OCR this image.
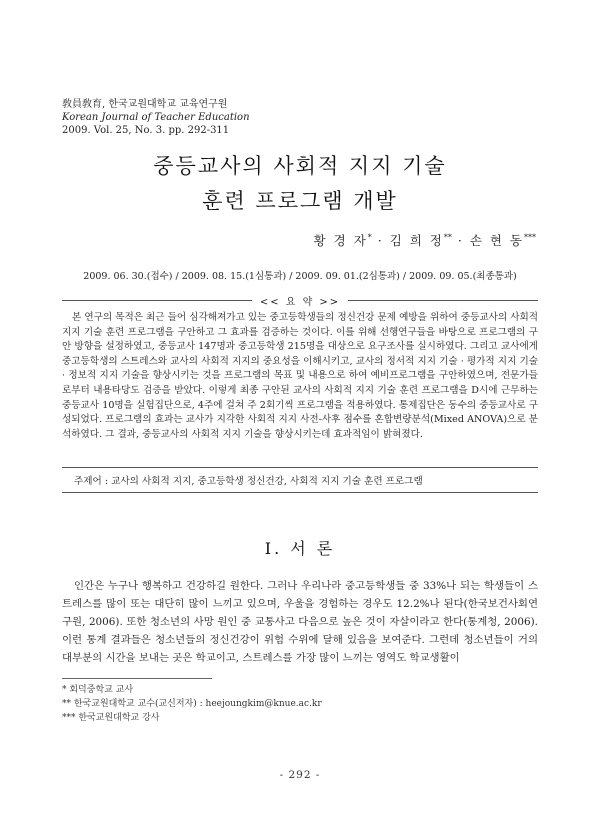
敎員敎育, 한국교원대학교 교육연구원
Korean Journal of Teacher Education
2009. Vol. 25, No. 3. pp. 292-311
중등교사의 사회적 지지 기술
훈련 프로그램 개발
황 경 자* · 김 희 정** · 손 현 동***
2009. 06. 30.(접수) / 2009. 08. 15.(1심통과) / 2009. 09. 01.(2심통과) / 2009. 09. 05.(최종통과)
<< 요 약 >>

본 연구의 목적은 최근 들어 심각해져가고 있는 중고등학생들의 정신건강 문제 예방을 위하여 중등교사의 사회적 지지 기술 훈련 프로그램을 구안하고 그 효과를 검증하는 것이다. 이를 위해 선행연구들을 바탕으로 프로그램의 구안 방향을 설정하였고, 중등교사 147명과 중고등학생 215명을 대상으로 요구조사를 실시하였다. 그리고 교사에게 중고등학생의 스트레스와 교사의 사회적 지지의 중요성을 이해시키고, 교사의 정서적 지지 기술 · 평가적 지지 기술 · 정보적 지지 기술을 향상시키는 것을 프로그램의 목표 및 내용으로 하여 예비프로그램을 구안하였으며, 전문가들로부터 내용타당도 검증을 받았다. 이렇게 최종 구안된 교사의 사회적 지지 기술 훈련 프로그램을 D시에 근무하는 중등교사 10명을 실험집단으로, 4주에 걸쳐 주 2회기씩 프로그램을 적용하였다. 통제집단은 동수의 중등교사로 구성되었다. 프로그램의 효과는 교사가 지각한 사회적 지지 사전-사후 점수를 혼합변량분석(Mixed ANOVA)으로 분석하였다. 그 결과, 중등교사의 사회적 지지 기술을 향상시키는데 효과적임이 밝혀졌다.

주제어 : 교사의 사회적 지지, 중고등학생 정신건강, 사회적 지지 기술 훈련 프로그램
Ⅰ. 서 론

인간은 누구나 행복하고 건강하길 원한다. 그러나 우리나라 중고등학생들 중 33%나 되는 학생들이 스트레스를 많이 또는 대단히 많이 느끼고 있으며, 우울을 경험하는 경우도 12.2%나 된다(한국보건사회연구원, 2006). 또한 청소년의 사망 원인 중 교통사고 다음으로 높은 것이 자살이라고 한다(통계청, 2006). 이런 통계 결과들은 청소년들의 정신건강이 위험 수위에 달해 있음을 보여준다. 그런데 청소년들이 거의 대부분의 시간을 보내는 곳은 학교이고, 스트레스를 가장 많이 느끼는 영역도 학교생활이

* 회덕중학교 교사
** 한국교원대학교 교수(교신저자) : heejoungkim@knue.ac.kr
*** 한국교원대학교 강사
- 292 -
